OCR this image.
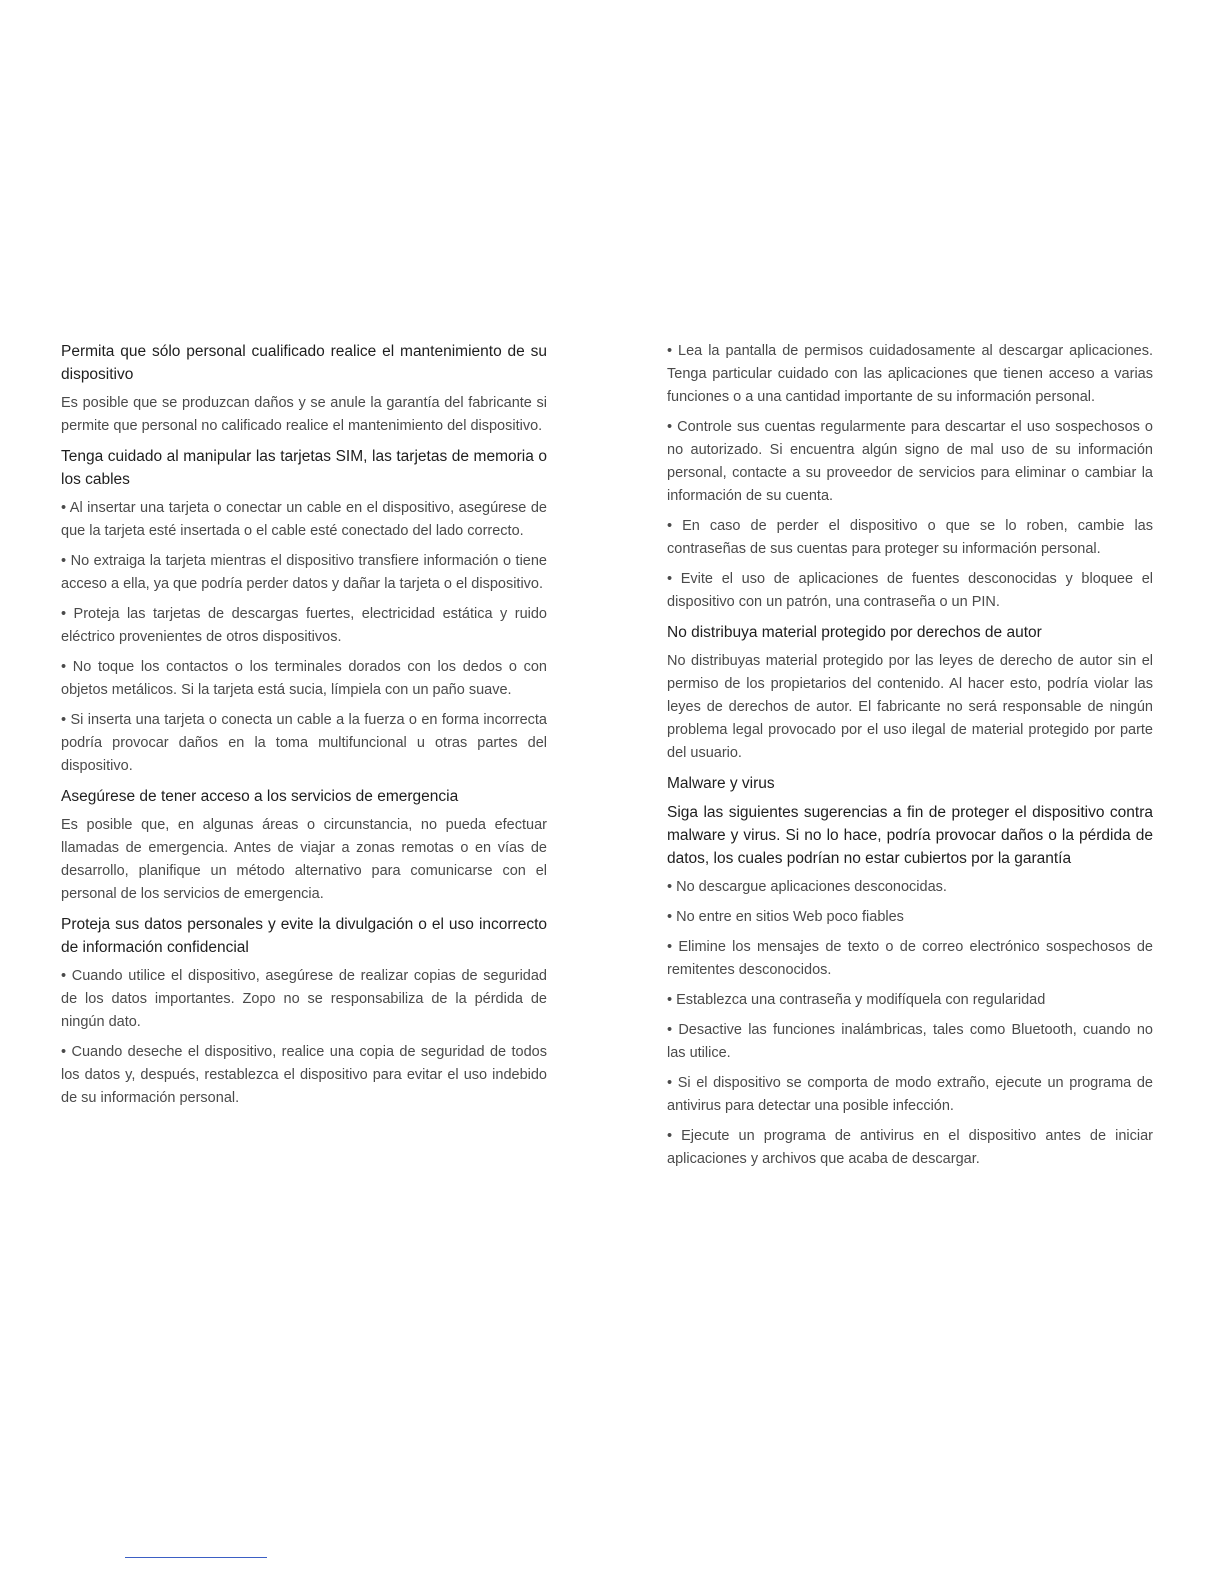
Permita que sólo personal cualificado realice el mantenimiento de su dispositivo

Es posible que se produzcan daños y se anule la garantía del fabricante si permite que personal no calificado realice el mantenimiento del dispositivo.

Tenga cuidado al manipular las tarjetas SIM, las tarjetas de memoria o los cables

• Al insertar una tarjeta o conectar un cable en el dispositivo, asegúrese de que la tarjeta esté insertada o el cable esté conectado del lado correcto.

• No extraiga la tarjeta mientras el dispositivo transfiere información o tiene acceso a ella, ya que podría perder datos y dañar la tarjeta o el dispositivo.

• Proteja las tarjetas de descargas fuertes, electricidad estática y ruido eléctrico provenientes de otros dispositivos.

• No toque los contactos o los terminales dorados con los dedos o con objetos metálicos. Si la tarjeta está sucia, límpiela con un paño suave.

• Si inserta una tarjeta o conecta un cable a la fuerza o en forma incorrecta podría provocar daños en la toma multifuncional u otras partes del dispositivo.

Asegúrese de tener acceso a los servicios de emergencia

Es posible que, en algunas áreas o circunstancia, no pueda efectuar llamadas de emergencia. Antes de viajar a zonas remotas o en vías de desarrollo, planifique un método alternativo para comunicarse con el personal de los servicios de emergencia.

Proteja sus datos personales y evite la divulgación o el uso incorrecto de información confidencial

• Cuando utilice el dispositivo, asegúrese de realizar copias de seguridad de los datos importantes. Zopo no se responsabiliza de la pérdida de ningún dato.

• Cuando deseche el dispositivo, realice una copia de seguridad de todos los datos y, después, restablezca el dispositivo para evitar el uso indebido de su información personal.

• Lea la pantalla de permisos cuidadosamente al descargar aplicaciones. Tenga particular cuidado con las aplicaciones que tienen acceso a varias funciones o a una cantidad importante de su información personal.

• Controle sus cuentas regularmente para descartar el uso sospechosos o no autorizado. Si encuentra algún signo de mal uso de su información personal, contacte a su proveedor de servicios para eliminar o cambiar la información de su cuenta.

• En caso de perder el dispositivo o que se lo roben, cambie las contraseñas de sus cuentas para proteger su información personal.

• Evite el uso de aplicaciones de fuentes desconocidas y bloquee el dispositivo con un patrón, una contraseña o un PIN.

No distribuya material protegido por derechos de autor

No distribuyas material protegido por las leyes de derecho de autor sin el permiso de los propietarios del contenido. Al hacer esto, podría violar las leyes de derechos de autor. El fabricante no será responsable de ningún problema legal provocado por el uso ilegal de material protegido por parte del usuario.

Malware y virus

Siga las siguientes sugerencias a fin de proteger el dispositivo contra malware y virus. Si no lo hace, podría provocar daños o la pérdida de datos, los cuales podrían no estar cubiertos por la garantía

• No descargue aplicaciones desconocidas.

• No entre en sitios Web poco fiables

• Elimine los mensajes de texto o de correo electrónico sospechosos de remitentes desconocidos.

• Establezca una contraseña y modifíquela con regularidad

• Desactive las funciones inalámbricas, tales como Bluetooth, cuando no las utilice.

• Si el dispositivo se comporta de modo extraño, ejecute un programa de antivirus para detectar una posible infección.

• Ejecute un programa de antivirus en el dispositivo antes de iniciar aplicaciones y archivos que acaba de descargar.
